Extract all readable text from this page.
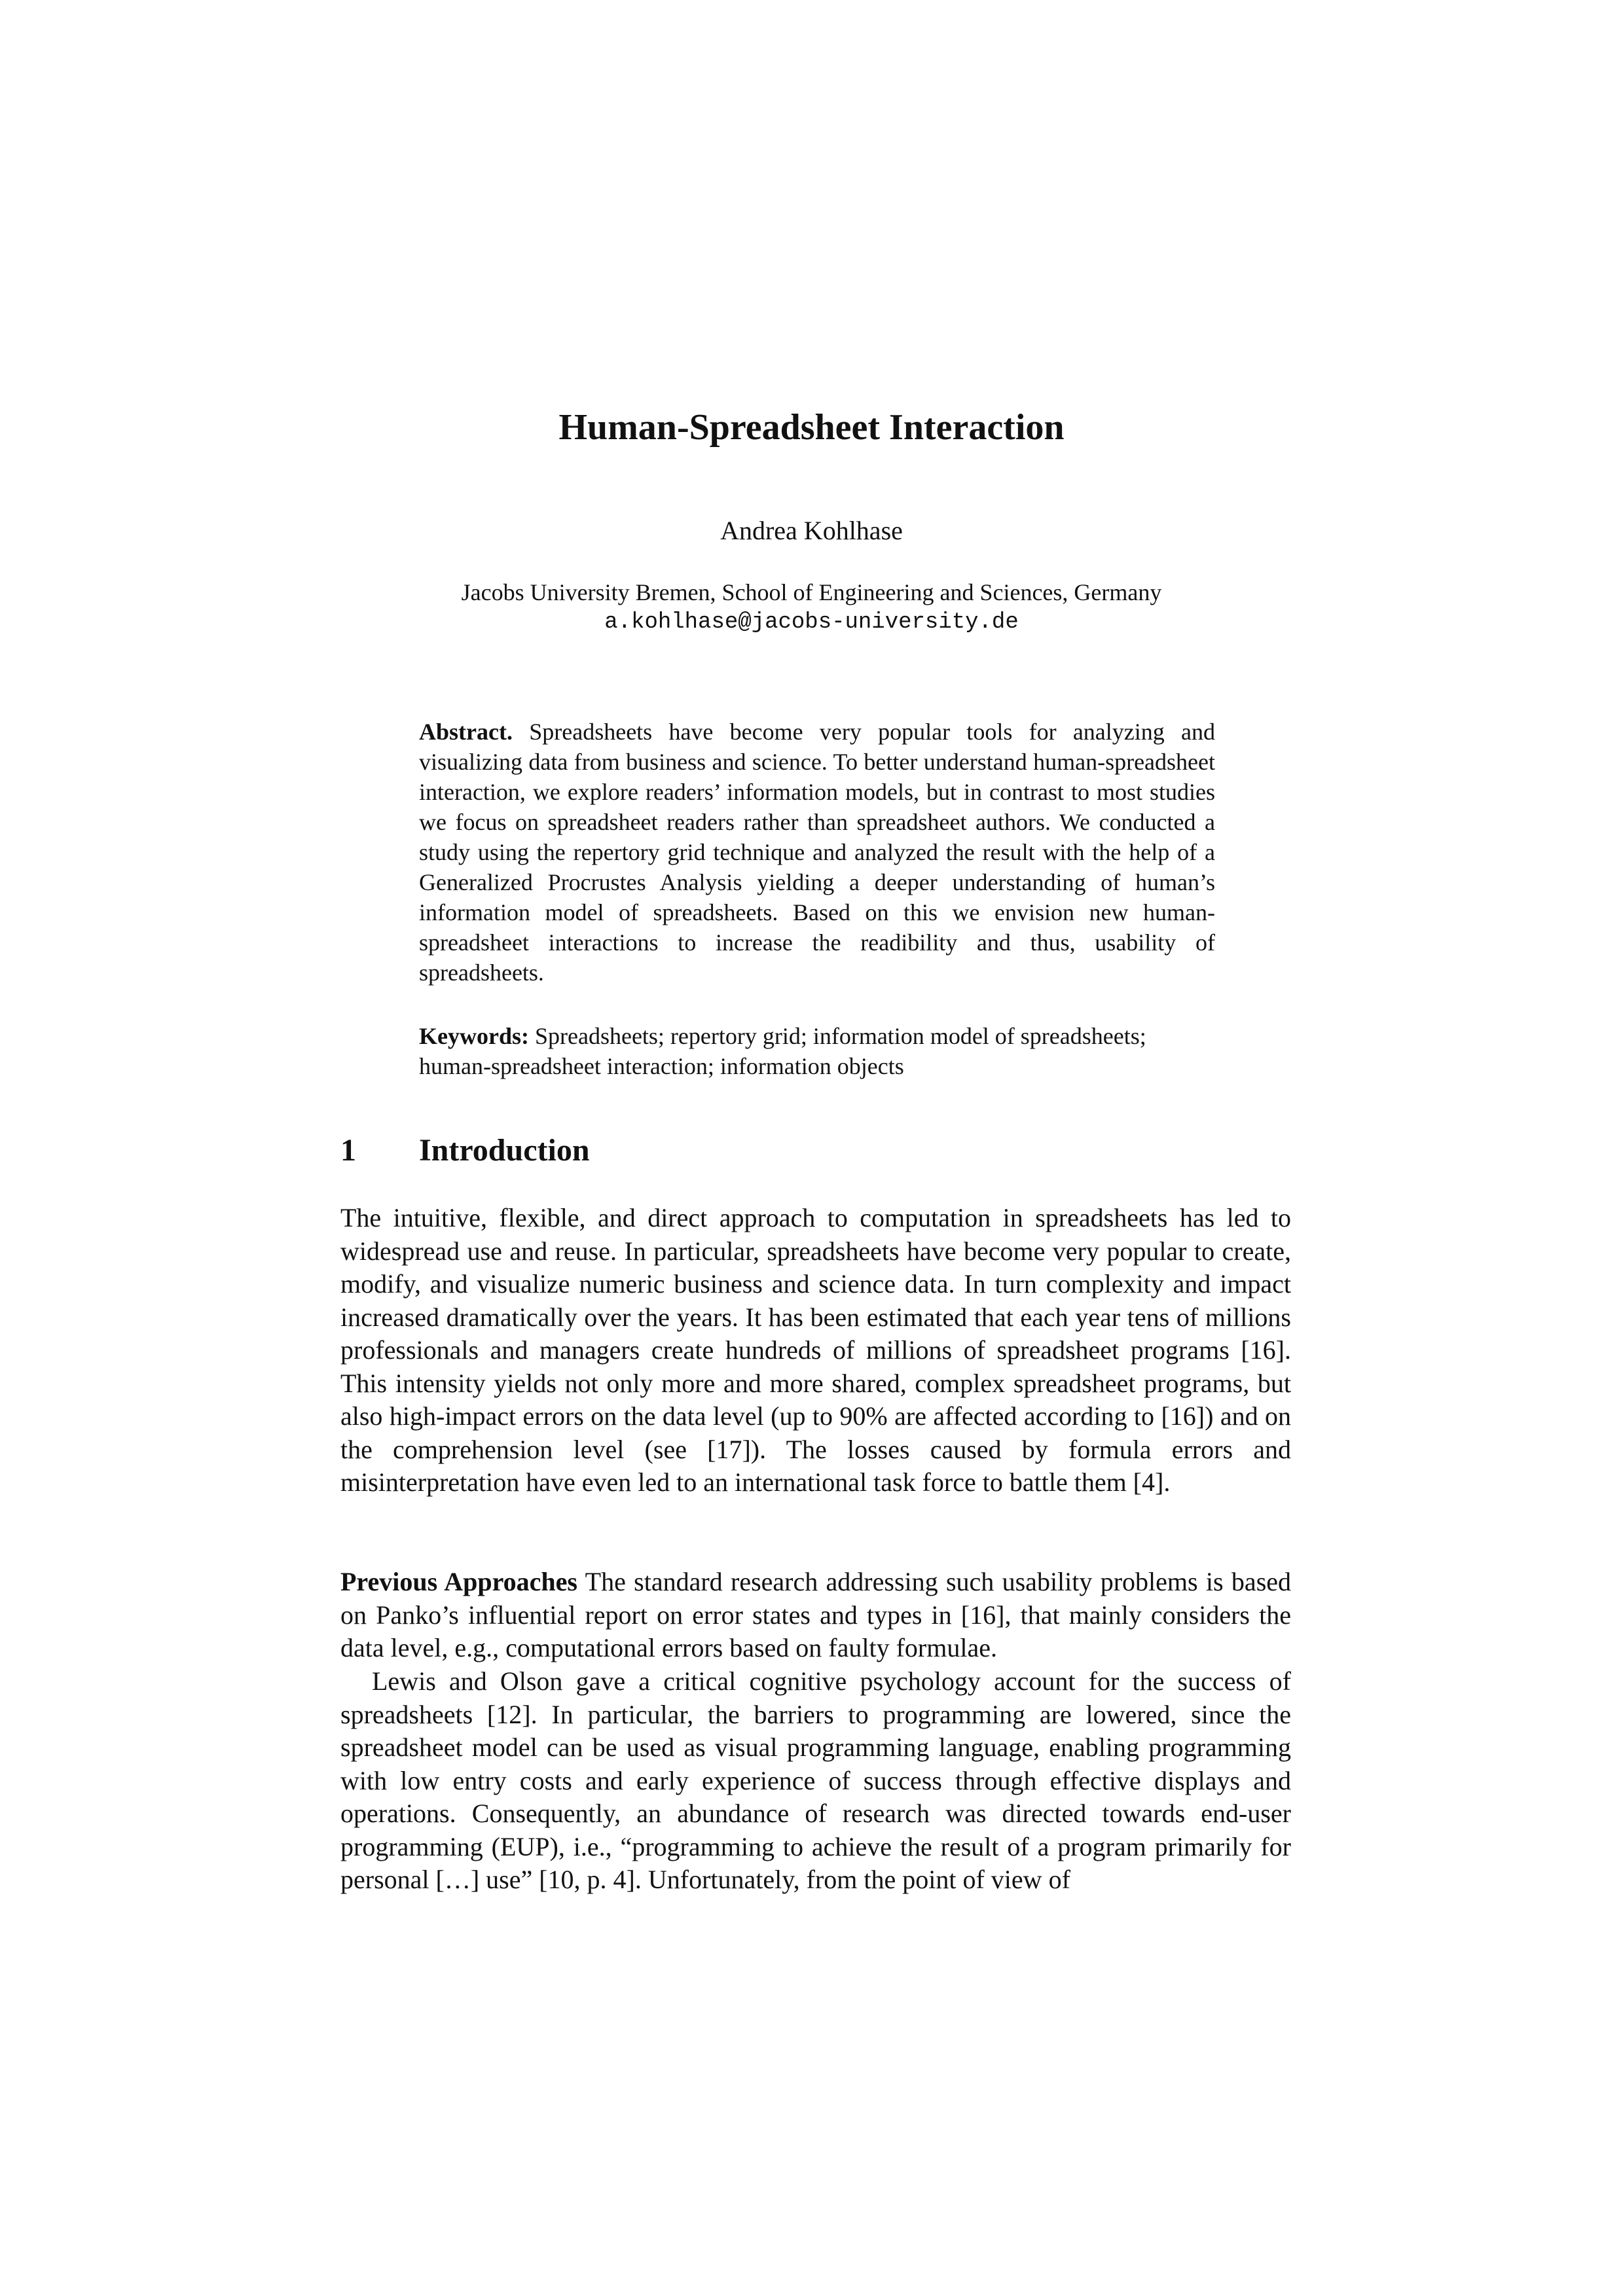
Human-Spreadsheet Interaction
Andrea Kohlhase
Jacobs University Bremen, School of Engineering and Sciences, Germany
a.kohlhase@jacobs-university.de

Abstract. Spreadsheets have become very popular tools for analyzing and visualizing data from business and science. To better understand human-spreadsheet interaction, we explore readers’ information models, but in contrast to most studies we focus on spreadsheet readers rather than spreadsheet authors. We conducted a study using the repertory grid technique and analyzed the result with the help of a Generalized Procrustes Analysis yielding a deeper understanding of human’s information model of spreadsheets. Based on this we envision new human-spreadsheet interactions to increase the readibility and thus, usability of spreadsheets.

Keywords: Spreadsheets; repertory grid; information model of spreadsheets; human-spreadsheet interaction; information objects

1 Introduction

The intuitive, flexible, and direct approach to computation in spreadsheets has led to widespread use and reuse. In particular, spreadsheets have become very popular to create, modify, and visualize numeric business and science data. In turn complexity and impact increased dramatically over the years. It has been estimated that each year tens of millions professionals and managers create hundreds of millions of spreadsheet programs [16]. This intensity yields not only more and more shared, complex spreadsheet programs, but also high-impact errors on the data level (up to 90% are affected according to [16]) and on the comprehension level (see [17]). The losses caused by formula errors and misinterpretation have even led to an international task force to battle them [4].

Previous Approaches The standard research addressing such usability problems is based on Panko’s influential report on error states and types in [16], that mainly considers the data level, e.g., computational errors based on faulty formulae.

Lewis and Olson gave a critical cognitive psychology account for the success of spreadsheets [12]. In particular, the barriers to programming are lowered, since the spreadsheet model can be used as visual programming language, enabling programming with low entry costs and early experience of success through effective displays and operations. Consequently, an abundance of research was directed towards end-user programming (EUP), i.e., “programming to achieve the result of a program primarily for personal […] use” [10, p. 4]. Unfortunately, from the point of view of
